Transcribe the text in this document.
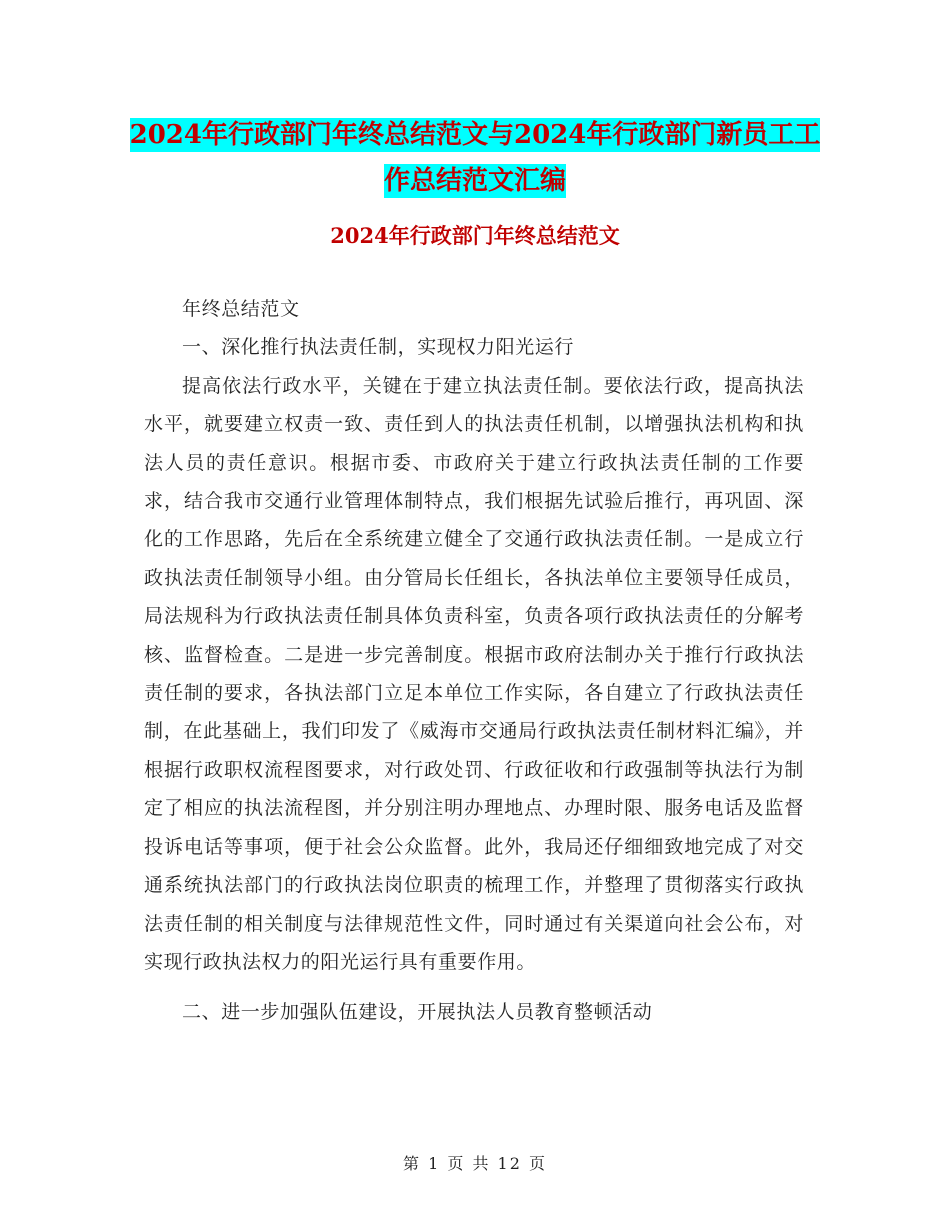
2024年行政部门年终总结范文与2024年行政部门新员工工作总结范文汇编
2024年行政部门年终总结范文

年终总结范文

一、深化推行执法责任制，实现权力阳光运行

提高依法行政水平，关键在于建立执法责任制。要依法行政，提高执法水平，就要建立权责一致、责任到人的执法责任机制，以增强执法机构和执法人员的责任意识。根据市委、市政府关于建立行政执法责任制的工作要求，结合我市交通行业管理体制特点，我们根据先试验后推行，再巩固、深化的工作思路，先后在全系统建立健全了交通行政执法责任制。一是成立行政执法责任制领导小组。由分管局长任组长，各执法单位主要领导任成员，局法规科为行政执法责任制具体负责科室，负责各项行政执法责任的分解考核、监督检查。二是进一步完善制度。根据市政府法制办关于推行行政执法责任制的要求，各执法部门立足本单位工作实际，各自建立了行政执法责任制，在此基础上，我们印发了《威海市交通局行政执法责任制材料汇编》，并根据行政职权流程图要求，对行政处罚、行政征收和行政强制等执法行为制定了相应的执法流程图，并分别注明办理地点、办理时限、服务电话及监督投诉电话等事项，便于社会公众监督。此外，我局还仔细细致地完成了对交通系统执法部门的行政执法岗位职责的梳理工作，并整理了贯彻落实行政执法责任制的相关制度与法律规范性文件，同时通过有关渠道向社会公布，对实现行政执法权力的阳光运行具有重要作用。

二、进一步加强队伍建设，开展执法人员教育整顿活动

第 1 页 共 12 页
